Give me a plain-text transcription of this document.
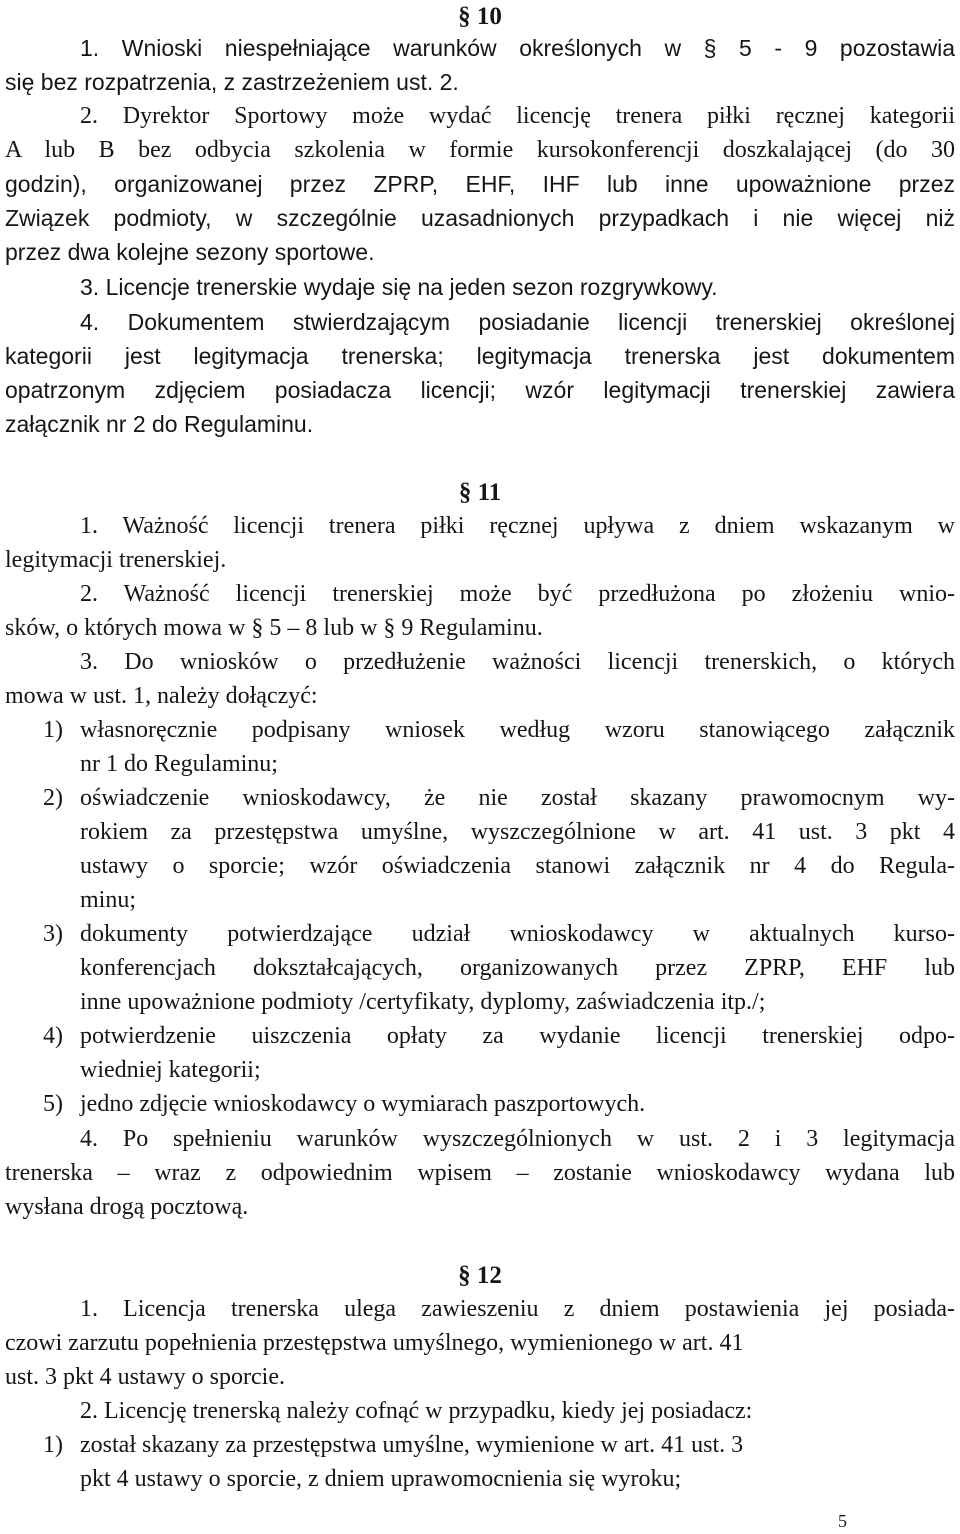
§ 10
1. Wnioski niespełniające warunków określonych w § 5 - 9 pozostawia
się bez rozpatrzenia, z zastrzeżeniem ust. 2.
2. Dyrektor Sportowy może wydać licencję trenera piłki ręcznej kategorii
A lub B bez odbycia szkolenia w formie kursokonferencji doszkalającej (do 30
godzin), organizowanej przez ZPRP, EHF, IHF lub inne upoważnione przez
Związek podmioty, w szczególnie uzasadnionych przypadkach i nie więcej niż
przez dwa kolejne sezony sportowe.
3. Licencje trenerskie wydaje się na jeden sezon rozgrywkowy.
4. Dokumentem stwierdzającym posiadanie licencji trenerskiej określonej
kategorii jest legitymacja trenerska; legitymacja trenerska jest dokumentem
opatrzonym zdjęciem posiadacza licencji; wzór legitymacji trenerskiej zawiera
załącznik nr 2 do Regulaminu.
§ 11
1. Ważność licencji trenera piłki ręcznej upływa z dniem wskazanym w
legitymacji trenerskiej.
2. Ważność licencji trenerskiej może być przedłużona po złożeniu wnio-
sków, o których mowa w § 5 – 8 lub w § 9 Regulaminu.
3. Do wniosków o przedłużenie ważności licencji trenerskich, o których
mowa w ust. 1, należy dołączyć:
1) własnoręcznie podpisany wniosek według wzoru stanowiącego załącznik
nr 1 do Regulaminu;
2) oświadczenie wnioskodawcy, że nie został skazany prawomocnym wy-
rokiem za przestępstwa umyślne, wyszczególnione w art. 41 ust. 3 pkt 4
ustawy o sporcie; wzór oświadczenia stanowi załącznik nr 4 do Regula-
minu;
3) dokumenty potwierdzające udział wnioskodawcy w aktualnych kurso-
konferencjach dokształcających, organizowanych przez ZPRP, EHF lub
inne upoważnione podmioty /certyfikaty, dyplomy, zaświadczenia itp./;
4) potwierdzenie uiszczenia opłaty za wydanie licencji trenerskiej odpo-
wiedniej kategorii;
5) jedno zdjęcie wnioskodawcy o wymiarach paszportowych.
4. Po spełnieniu warunków wyszczególnionych w ust. 2 i 3 legitymacja
trenerska – wraz z odpowiednim wpisem – zostanie wnioskodawcy wydana lub
wysłana drogą pocztową.
§ 12
1. Licencja trenerska ulega zawieszeniu z dniem postawienia jej posiada-
czowi zarzutu popełnienia przestępstwa umyślnego, wymienionego w art. 41
ust. 3 pkt 4 ustawy o sporcie.
2. Licencję trenerską należy cofnąć w przypadku, kiedy jej posiadacz:
1) został skazany za przestępstwa umyślne, wymienione w art. 41 ust. 3
pkt 4 ustawy o sporcie, z dniem uprawomocnienia się wyroku;
5
